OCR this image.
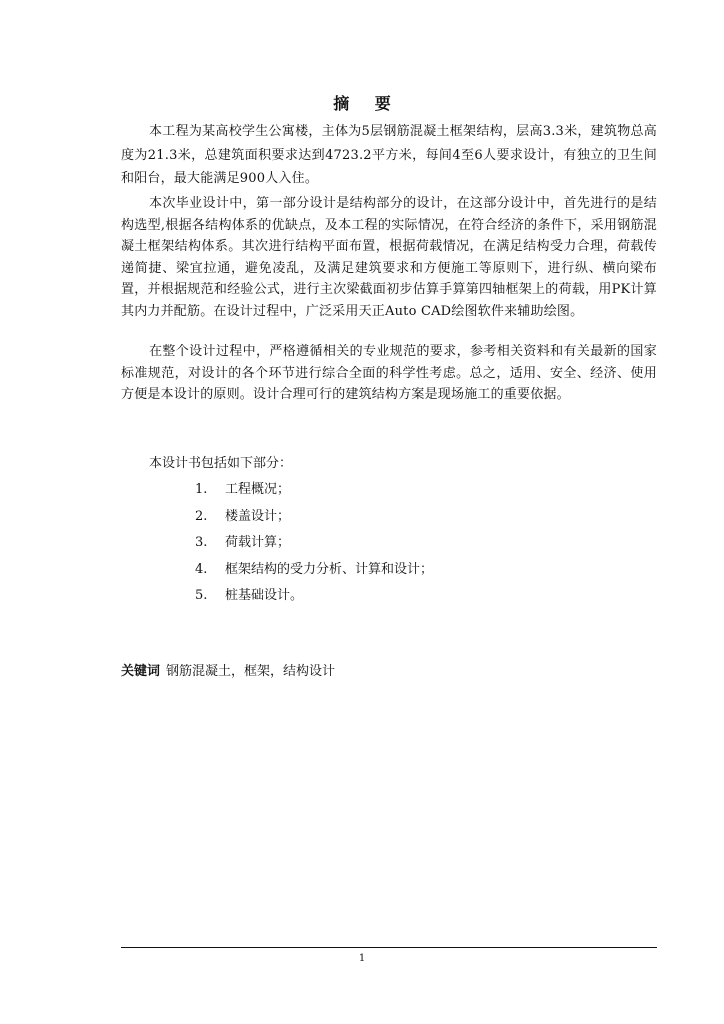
摘 要
本工程为某高校学生公寓楼，主体为5层钢筋混凝土框架结构，层高3.3米，建筑物总高度为21.3米，总建筑面积要求达到4723.2平方米，每间4至6人要求设计，有独立的卫生间和阳台，最大能满足900人入住。
本次毕业设计中，第一部分设计是结构部分的设计，在这部分设计中，首先进行的是结构选型,根据各结构体系的优缺点，及本工程的实际情况，在符合经济的条件下，采用钢筋混凝土框架结构体系。其次进行结构平面布置，根据荷载情况，在满足结构受力合理，荷载传递简捷、梁宜拉通，避免凌乱，及满足建筑要求和方便施工等原则下，进行纵、横向梁布置，并根据规范和经验公式，进行主次梁截面初步估算手算第四轴框架上的荷载，用PK计算其内力并配筋。在设计过程中，广泛采用天正Auto CAD绘图软件来辅助绘图。
在整个设计过程中，严格遵循相关的专业规范的要求，参考相关资料和有关最新的国家标准规范，对设计的各个环节进行综合全面的科学性考虑。总之，适用、安全、经济、使用方便是本设计的原则。设计合理可行的建筑结构方案是现场施工的重要依据。
本设计书包括如下部分：
1. 工程概况；
2. 楼盖设计；
3. 荷载计算；
4. 框架结构的受力分析、计算和设计；
5. 桩基础设计。
关键词 钢筋混凝土，框架，结构设计
1
